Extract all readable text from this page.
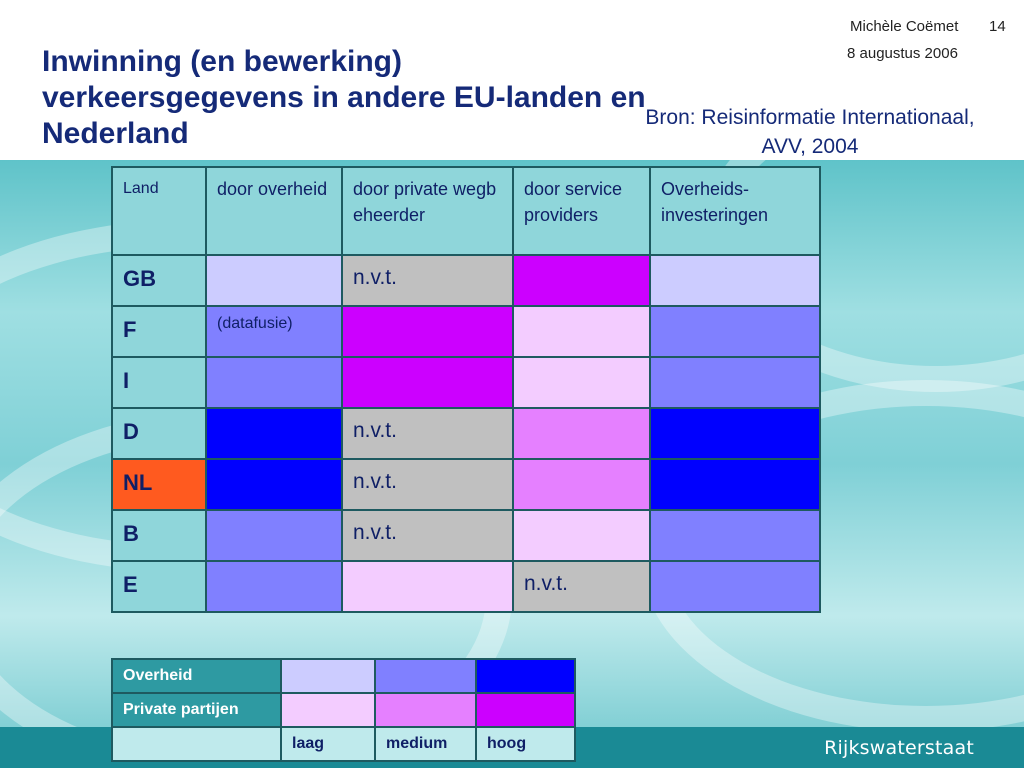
Rijkswaterstaat
Inwinning (en bewerking)
verkeersgegevens in andere EU-landen en
Nederland
Michèle Coëmet 14
8 augustus 2006
Bron: Reisinformatie Internationaal,
AVV, 2004
Land	door overheid	door private wegbeheerder	door service providers	Overheids-investeringen
GB		n.v.t.		
F	(datafusie)			
I				
D		n.v.t.		
NL		n.v.t.		
B		n.v.t.		
E			n.v.t.	
Overheid			
Private partijen			
	laag	medium	hoog
